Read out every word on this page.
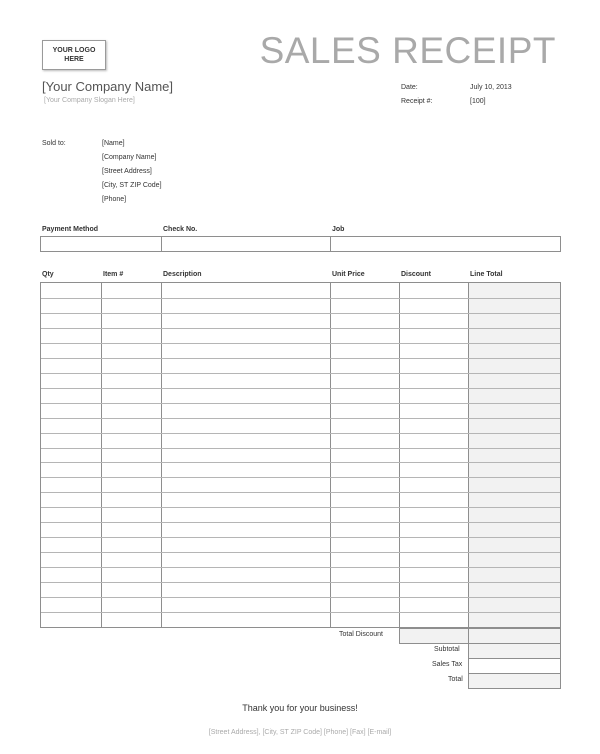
YOUR LOGO
HERE	SALES RECEIPT
[Your Company Name]
[Your Company Slogan Here]
Date:	July 10, 2013
Receipt #:	[100]
Sold to:	[Name]
[Company Name]
[Street Address]
[City, ST ZIP Code]
[Phone]
Payment Method	Check No.	Job
Qty	Item #	Description	Unit Price	Discount	Line Total
Total Discount
Subtotal
Sales Tax
Total
Thank you for your business!
[Street Address], [City, ST ZIP Code] [Phone] [Fax] [E-mail]
